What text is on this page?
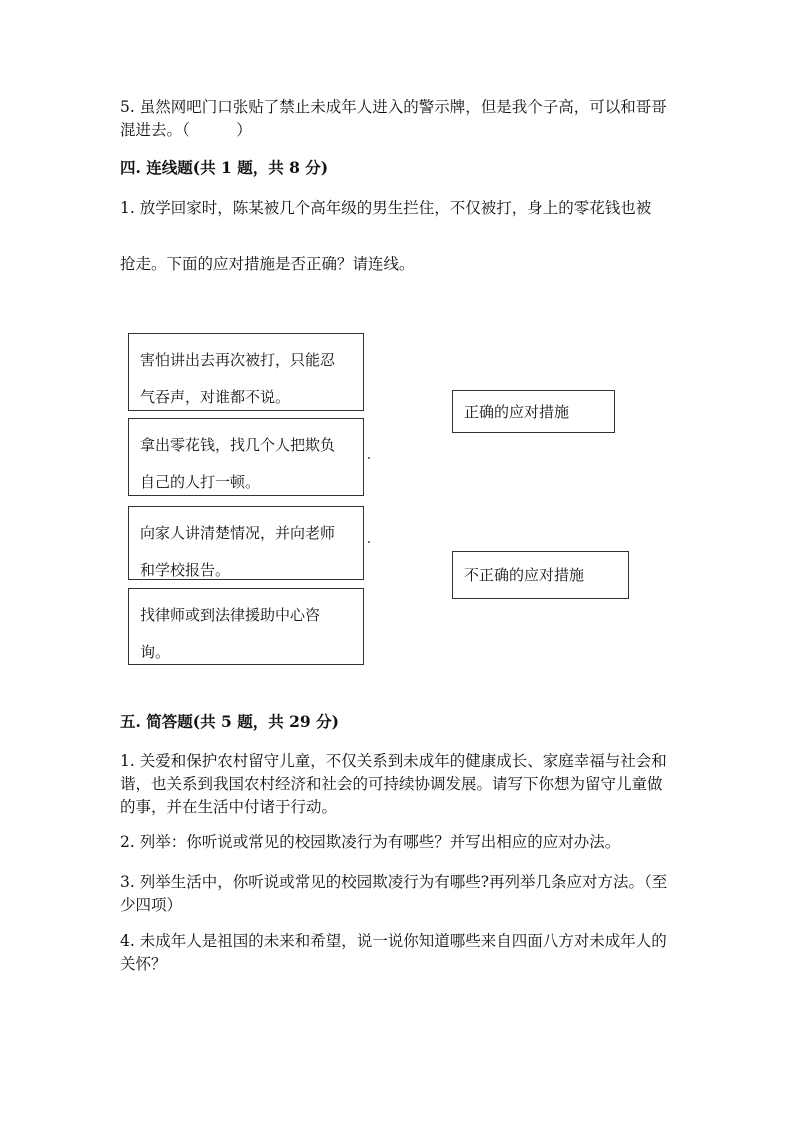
5. 虽然网吧门口张贴了禁止未成年人进入的警示牌，但是我个子高，可以和哥哥混进去。（　　　）

四. 连线题(共 1 题，共 8 分)

1. 放学回家时，陈某被几个高年级的男生拦住，不仅被打，身上的零花钱也被

抢走。下面的应对措施是否正确？请连线。

害怕讲出去再次被打，只能忍

气吞声，对谁都不说。

拿出零花钱，找几个人把欺负

自己的人打一顿。

向家人讲清楚情况，并向老师

和学校报告。

找律师或到法律援助中心咨

询。

正确的应对措施
不正确的应对措施

五. 简答题(共 5 题，共 29 分)

1. 关爱和保护农村留守儿童，不仅关系到未成年的健康成长、家庭幸福与社会和谐，也关系到我国农村经济和社会的可持续协调发展。请写下你想为留守儿童做的事，并在生活中付诸于行动。

2. 列举：你听说或常见的校园欺凌行为有哪些？并写出相应的应对办法。

3. 列举生活中，你听说或常见的校园欺凌行为有哪些?再列举几条应对方法。（至少四项）

4. 未成年人是祖国的未来和希望，说一说你知道哪些来自四面八方对未成年人的关怀？
